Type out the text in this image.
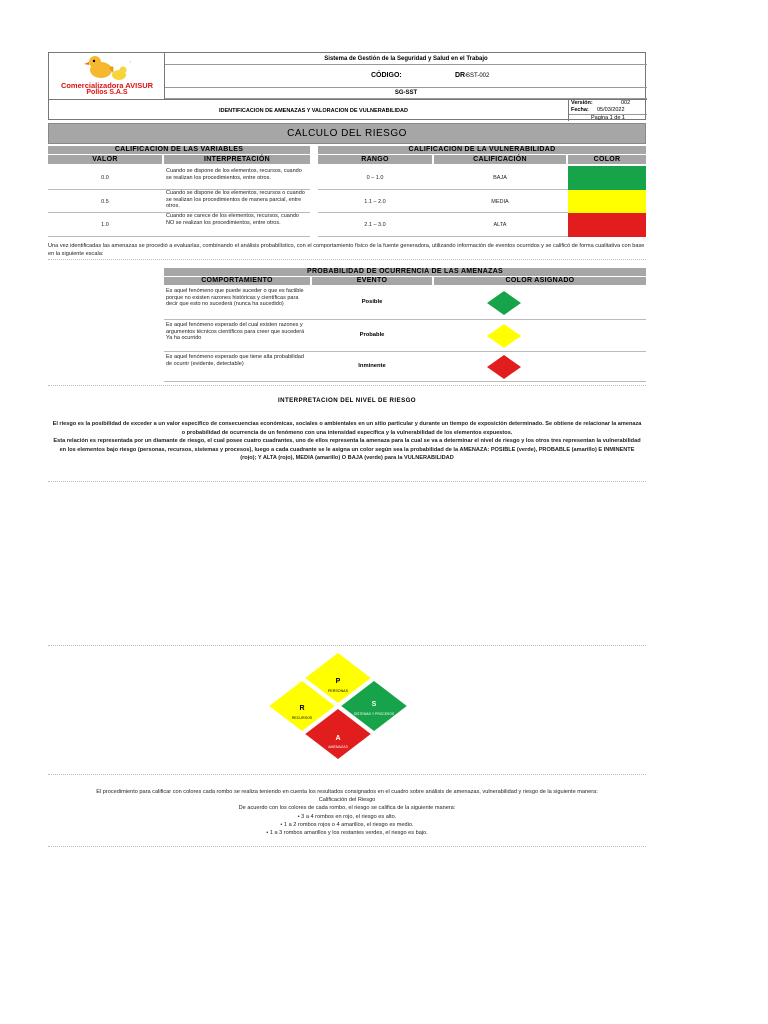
♪
Comercializadora AVISUR
Pollos S.A.S
Sistema de Gestión de la Seguridad y Salud en el Trabajo
CÓDIGO:	DR-
SST-002
SG-SST
IDENTIFICACION DE AMENAZAS Y VALORACION DE VULNERABILIDAD
Versión:	002
Fecha: 05/03/2022
Pagina 1 de 1
CALCULO DEL RIESGO
CALIFICACION DE LAS VARIABLES
VALOR	INTERPRETACIÓN
0.0
Cuando se dispone de los elementos, recursos, cuando se realizan los procedimientos, entre otros.
0.5
Cuando se dispone de los elementos, recursos o cuando se realizan los procedimientos de manera parcial, entre otros.
1.0
Cuando se carece de los elementos, recursos, cuando NO se realizan los procedimientos, entre otros.
CALIFICACION DE LA VULNERABILIDAD
RANGO	CALIFICACIÓN	COLOR
0 – 1.0	BAJA
1.1 – 2.0	MEDIA
2.1 – 3.0	ALTA
Una vez identificadas las amenazas se procedió a evaluarlas, combinando el análisis probabilístico, con el comportamiento físico de la fuente generadora, utilizando información de eventos ocurridos y se calificó de forma cualitativa con base en la siguiente escala:
PROBABILIDAD DE OCURRENCIA DE LAS AMENAZAS
COMPORTAMIENTO	EVENTO	COLOR ASIGNADO
Es aquel fenómeno que puede suceder o que es factible porque no existen razones históricas y científicas para decir que esto no sucederá (nunca ha sucedido)	Posible
Es aquel fenómeno esperado del cual existen razones y argumentos técnicos científicos para creer que sucederá Ya ha ocurrido	Probable
Es aquel fenómeno esperado que tiene alta probabilidad de ocurrir (evidente, detectable)	Inminente
INTERPRETACION DEL NIVEL DE RIESGO
El riesgo es la posibilidad de exceder a un valor especifico de consecuencias económicas, sociales o ambientales en un sitio particular y durante un tiempo de exposición determinado. Se obtiene de relacionar la amenaza o probabilidad de ocurrencia de un fenómeno con una intensidad específica y la vulnerabilidad de los elementos expuestos.
Esta relación es representada por un diamante de riesgo, el cual posee cuatro cuadrantes, uno de ellos representa la amenaza para la cual se va a determinar el nivel de riesgo y los otros tres representan la vulnerabilidad en los elementos bajo riesgo (personas, recursos, sistemas y procesos), luego a cada cuadrante se le asigna un color según sea la probabilidad de la AMENAZA: POSIBLE (verde), PROBABLE (amarillo) E INMINENTE (rojo); Y ALTA (rojo), MEDIA (amarillo) O BAJA (verde) para la VULNERABILIDAD
P
PERSONAS
R
RECURSOS
S
SISTEMAS Y PROCESOS
A
AMENAZAS
El procedimiento para calificar con colores cada rombo se realiza teniendo en cuenta los resultados consignados en el cuadro sobre análisis de amenazas, vulnerabilidad y riesgo de la siguiente manera:
Calificación del Riesgo
De acuerdo con los colores de cada rombo, el riesgo se califica de la siguiente manera:
• 3 a 4 rombos en rojo, el riesgo es alto.
• 1 a 2 rombos rojos o 4 amarillos, el riesgo es medio.
• 1 a 3 rombos amarillos y los restantes verdes, el riesgo es bajo.
